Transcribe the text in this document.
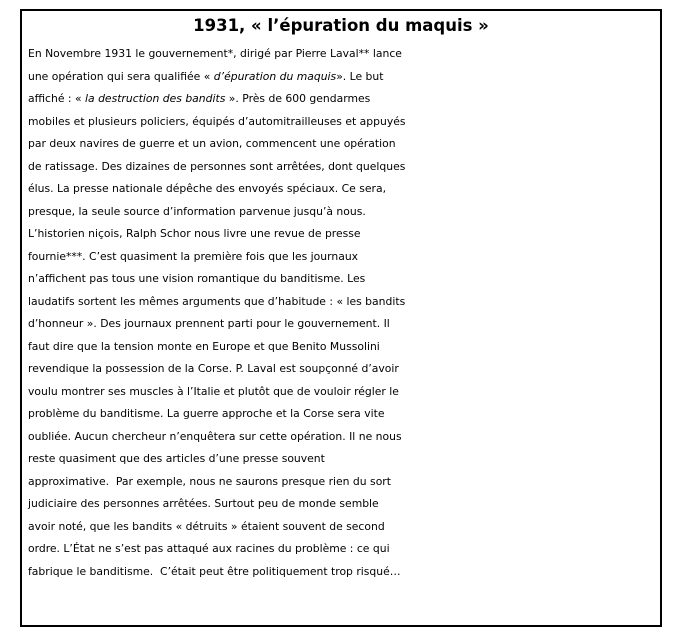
1931, « l’épuration du maquis »
En Novembre 1931 le gouvernement*, dirigé par Pierre Laval** lance
une opération qui sera qualifiée « d’épuration du maquis». Le but
affiché : « la destruction des bandits ». Près de 600 gendarmes
mobiles et plusieurs policiers, équipés d’automitrailleuses et appuyés
par deux navires de guerre et un avion, commencent une opération
de ratissage. Des dizaines de personnes sont arrêtées, dont quelques
élus. La presse nationale dépêche des envoyés spéciaux. Ce sera,
presque, la seule source d’information parvenue jusqu’à nous.
L’historien niçois, Ralph Schor nous livre une revue de presse
fournie***. C’est quasiment la première fois que les journaux
n’affichent pas tous une vision romantique du banditisme. Les
laudatifs sortent les mêmes arguments que d’habitude : « les bandits
d’honneur ». Des journaux prennent parti pour le gouvernement. Il
faut dire que la tension monte en Europe et que Benito Mussolini
revendique la possession de la Corse. P. Laval est soupçonné d’avoir
voulu montrer ses muscles à l’Italie et plutôt que de vouloir régler le
problème du banditisme. La guerre approche et la Corse sera vite
oubliée. Aucun chercheur n’enquêtera sur cette opération. Il ne nous
reste quasiment que des articles d’une presse souvent
approximative.  Par exemple, nous ne saurons presque rien du sort
judiciaire des personnes arrêtées. Surtout peu de monde semble
avoir noté, que les bandits « détruits » étaient souvent de second
ordre. L’État ne s’est pas attaqué aux racines du problème : ce qui
fabrique le banditisme.  C’était peut être politiquement trop risqué…
